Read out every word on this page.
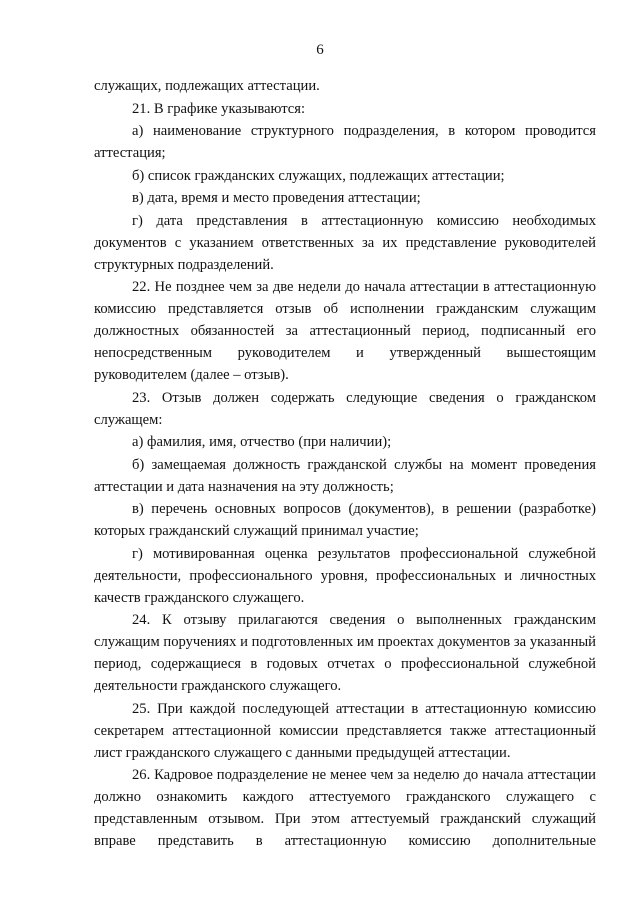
6

служащих, подлежащих аттестации.

21. В графике указываются:

а) наименование структурного подразделения, в котором проводится аттестация;

б) список гражданских служащих, подлежащих аттестации;

в) дата, время и место проведения аттестации;

г) дата представления в аттестационную комиссию необходимых документов с указанием ответственных за их представление руководителей структурных подразделений.

22. Не позднее чем за две недели до начала аттестации в аттестационную комиссию представляется отзыв об исполнении гражданским служащим должностных обязанностей за аттестационный период, подписанный его непосредственным руководителем и утвержденный вышестоящим руководителем (далее – отзыв).

23. Отзыв должен содержать следующие сведения о гражданском служащем:

а) фамилия, имя, отчество (при наличии);

б) замещаемая должность гражданской службы на момент проведения аттестации и дата назначения на эту должность;

в) перечень основных вопросов (документов), в решении (разработке) которых гражданский служащий принимал участие;

г) мотивированная оценка результатов профессиональной служебной деятельности, профессионального уровня, профессиональных и личностных качеств гражданского служащего.

24. К отзыву прилагаются сведения о выполненных гражданским служащим поручениях и подготовленных им проектах документов за указанный период, содержащиеся в годовых отчетах о профессиональной служебной деятельности гражданского служащего.

25. При каждой последующей аттестации в аттестационную комиссию секретарем аттестационной комиссии представляется также аттестационный лист гражданского служащего с данными предыдущей аттестации.

26. Кадровое подразделение не менее чем за неделю до начала аттестации должно ознакомить каждого аттестуемого гражданского служащего с представленным отзывом. При этом аттестуемый гражданский служащий вправе представить в аттестационную комиссию дополнительные
